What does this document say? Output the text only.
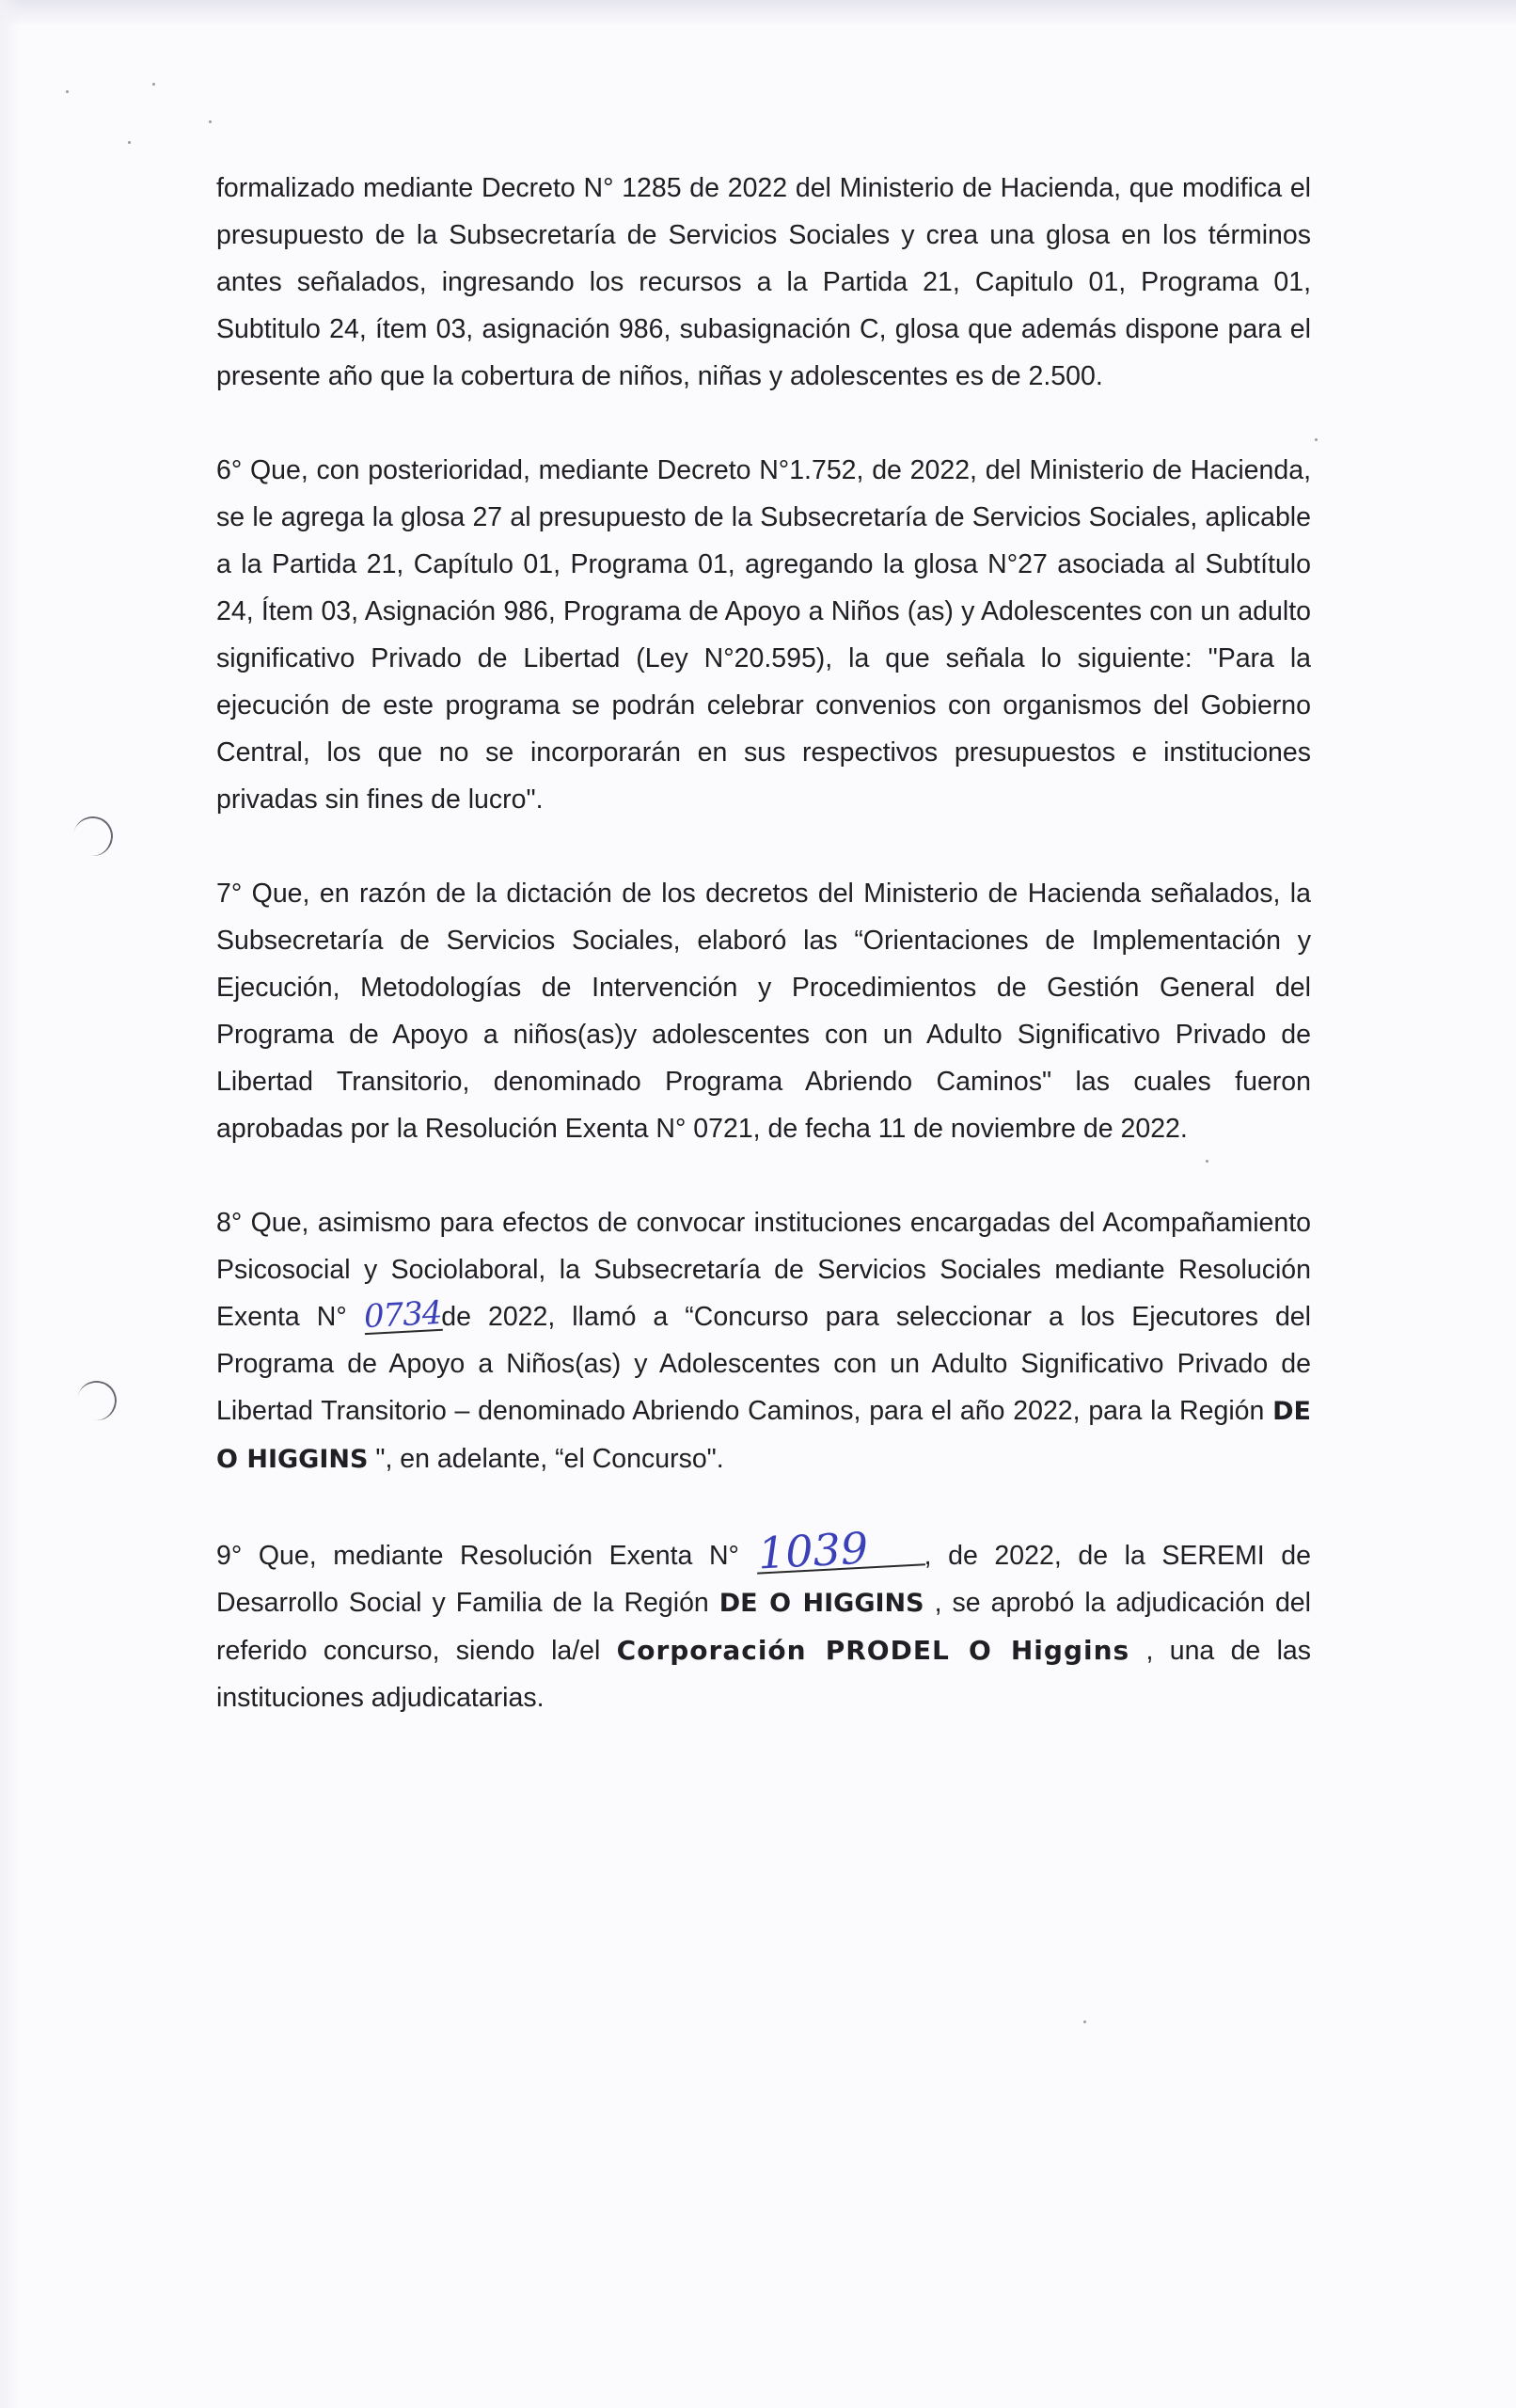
formalizado mediante Decreto N° 1285 de 2022 del Ministerio de Hacienda, que modifica el presupuesto de la Subsecretaría de Servicios Sociales y crea una glosa en los términos antes señalados, ingresando los recursos a la Partida 21, Capitulo 01, Programa 01, Subtitulo 24, ítem 03, asignación 986, subasignación C, glosa que además dispone para el presente año que la cobertura de niños, niñas y adolescentes es de 2.500.

6° Que, con posterioridad, mediante Decreto N°1.752, de 2022, del Ministerio de Hacienda, se le agrega la glosa 27 al presupuesto de la Subsecretaría de Servicios Sociales, aplicable a la Partida 21, Capítulo 01, Programa 01, agregando la glosa N°27 asociada al Subtítulo 24, Ítem 03, Asignación 986, Programa de Apoyo a Niños (as) y Adolescentes con un adulto significativo Privado de Libertad (Ley N°20.595), la que señala lo siguiente: "Para la ejecución de este programa se podrán celebrar convenios con organismos del Gobierno Central, los que no se incorporarán en sus respectivos presupuestos e instituciones privadas sin fines de lucro".

7° Que, en razón de la dictación de los decretos del Ministerio de Hacienda señalados, la Subsecretaría de Servicios Sociales, elaboró las “Orientaciones de Implementación y Ejecución, Metodologías de Intervención y Procedimientos de Gestión General del Programa de Apoyo a niños(as)y adolescentes con un Adulto Significativo Privado de Libertad Transitorio, denominado Programa Abriendo Caminos" las cuales fueron aprobadas por la Resolución Exenta N° 0721, de fecha 11 de noviembre de 2022.

8° Que, asimismo para efectos de convocar instituciones encargadas del Acompañamiento Psicosocial y Sociolaboral, la Subsecretaría de Servicios Sociales mediante Resolución Exenta N° 0734de 2022, llamó a “Concurso para seleccionar a los Ejecutores del Programa de Apoyo a Niños(as) y Adolescentes con un Adulto Significativo Privado de Libertad Transitorio – denominado Abriendo Caminos, para el año 2022, para la Región DE O HIGGINS ", en adelante, “el Concurso".

9° Que, mediante Resolución Exenta N° 1039 , de 2022, de la SEREMI de Desarrollo Social y Familia de la Región DE O HIGGINS , se aprobó la adjudicación del referido concurso, siendo la/el Corporación PRODEL O Higgins , una de las instituciones adjudicatarias.
